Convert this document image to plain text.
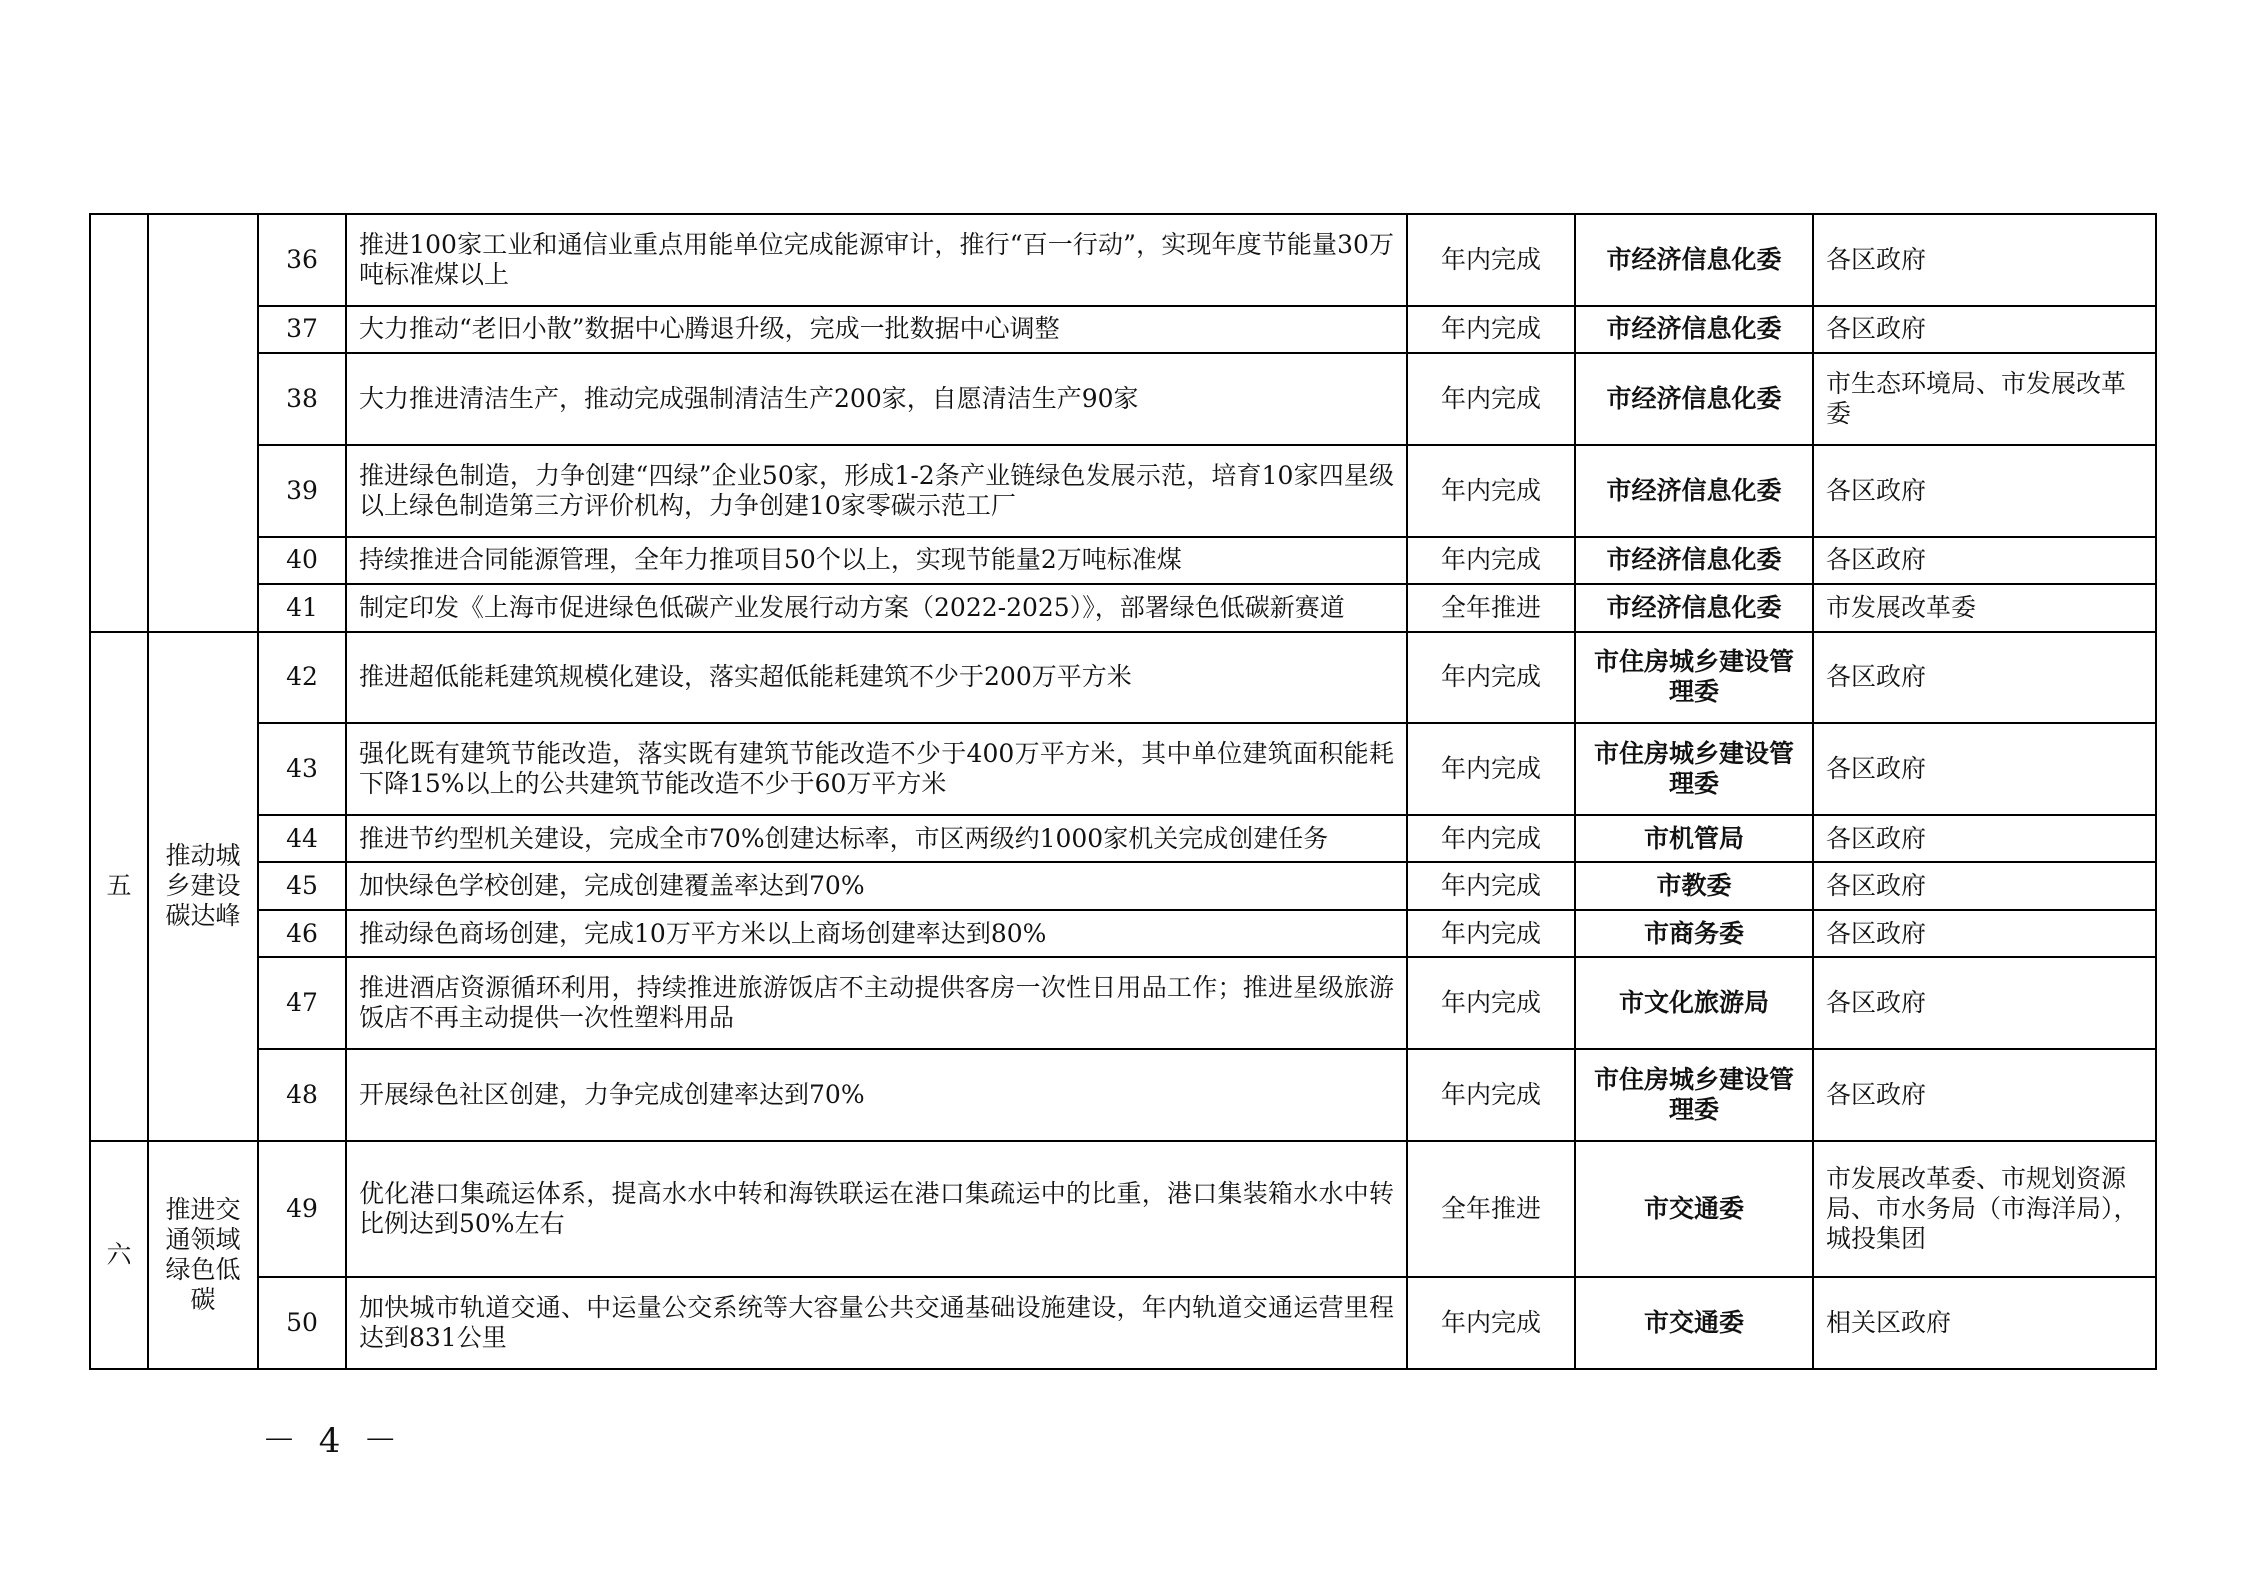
		36	推进100家工业和通信业重点用能单位完成能源审计，推行“百一行动”，实现年度节能量30万吨标准煤以上	年内完成	市经济信息化委	各区政府
		37	大力推动“老旧小散”数据中心腾退升级，完成一批数据中心调整	年内完成	市经济信息化委	各区政府
		38	大力推进清洁生产，推动完成强制清洁生产200家，自愿清洁生产90家	年内完成	市经济信息化委	市生态环境局、市发展改革委
		39	推进绿色制造，力争创建“四绿”企业50家，形成1-2条产业链绿色发展示范，培育10家四星级以上绿色制造第三方评价机构，力争创建10家零碳示范工厂	年内完成	市经济信息化委	各区政府
		40	持续推进合同能源管理，全年力推项目50个以上，实现节能量2万吨标准煤	年内完成	市经济信息化委	各区政府
		41	制定印发《上海市促进绿色低碳产业发展行动方案（2022-2025）》，部署绿色低碳新赛道	全年推进	市经济信息化委	市发展改革委
五	推动城乡建设碳达峰	42	推进超低能耗建筑规模化建设，落实超低能耗建筑不少于200万平方米	年内完成	市住房城乡建设管理委	各区政府
		43	强化既有建筑节能改造，落实既有建筑节能改造不少于400万平方米，其中单位建筑面积能耗下降15%以上的公共建筑节能改造不少于60万平方米	年内完成	市住房城乡建设管理委	各区政府
		44	推进节约型机关建设，完成全市70%创建达标率，市区两级约1000家机关完成创建任务	年内完成	市机管局	各区政府
		45	加快绿色学校创建，完成创建覆盖率达到70%	年内完成	市教委	各区政府
		46	推动绿色商场创建，完成10万平方米以上商场创建率达到80%	年内完成	市商务委	各区政府
		47	推进酒店资源循环利用，持续推进旅游饭店不主动提供客房一次性日用品工作；推进星级旅游饭店不再主动提供一次性塑料用品	年内完成	市文化旅游局	各区政府
		48	开展绿色社区创建，力争完成创建率达到70%	年内完成	市住房城乡建设管理委	各区政府
六	推进交通领域绿色低碳	49	优化港口集疏运体系，提高水水中转和海铁联运在港口集疏运中的比重，港口集装箱水水中转比例达到50%左右	全年推进	市交通委	市发展改革委、市规划资源局、市水务局（市海洋局），城投集团
		50	加快城市轨道交通、中运量公交系统等大容量公共交通基础设施建设，年内轨道交通运营里程达到831公里	年内完成	市交通委	相关区政府
－ 4 －
